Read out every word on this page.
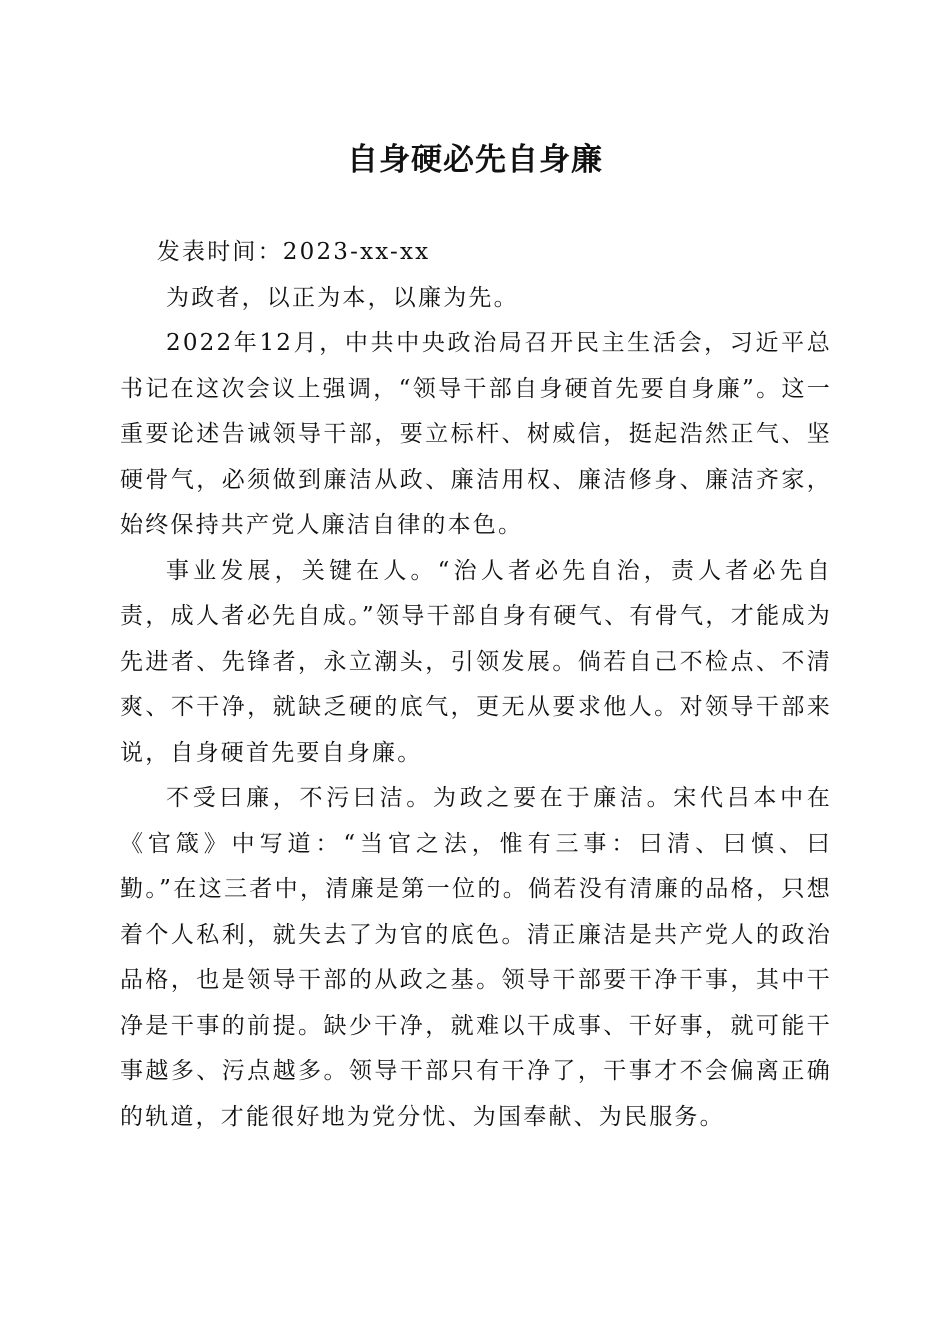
自身硬必先自身廉

发表时间：2023-xx-xx

为政者，以正为本，以廉为先。

2022年12月，中共中央政治局召开民主生活会，习近平总书记在这次会议上强调，“领导干部自身硬首先要自身廉”。这一重要论述告诫领导干部，要立标杆、树威信，挺起浩然正气、坚硬骨气，必须做到廉洁从政、廉洁用权、廉洁修身、廉洁齐家，始终保持共产党人廉洁自律的本色。

事业发展，关键在人。“治人者必先自治，责人者必先自责，成人者必先自成。”领导干部自身有硬气、有骨气，才能成为先进者、先锋者，永立潮头，引领发展。倘若自己不检点、不清爽、不干净，就缺乏硬的底气，更无从要求他人。对领导干部来说，自身硬首先要自身廉。

不受曰廉，不污曰洁。为政之要在于廉洁。宋代吕本中在《官箴》中写道：“当官之法，惟有三事：曰清、曰慎、曰勤。”在这三者中，清廉是第一位的。倘若没有清廉的品格，只想着个人私利，就失去了为官的底色。清正廉洁是共产党人的政治品格，也是领导干部的从政之基。领导干部要干净干事，其中干净是干事的前提。缺少干净，就难以干成事、干好事，就可能干事越多、污点越多。领导干部只有干净了，干事才不会偏离正确的轨道，才能很好地为党分忧、为国奉献、为民服务。
